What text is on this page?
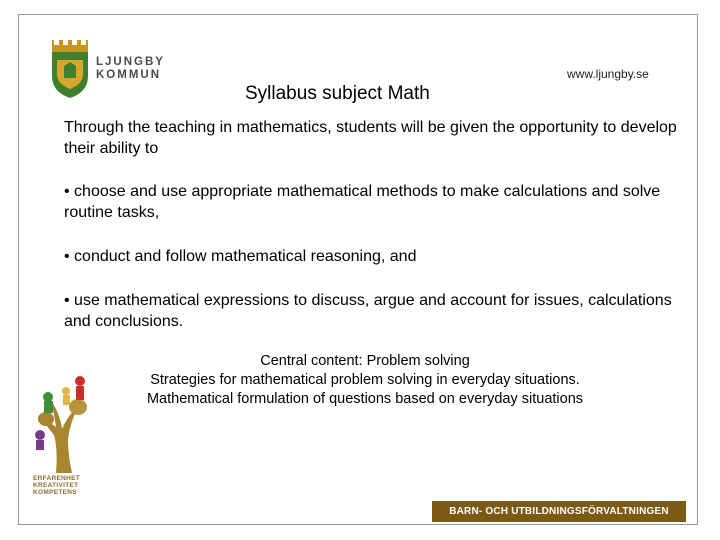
LJUNGBY
KOMMUN	www.ljungby.se
Syllabus subject Math

Through the teaching in mathematics, students will be given the opportunity to develop their ability to

• choose and use appropriate mathematical methods to make calculations and solve routine tasks,

• conduct and follow mathematical reasoning, and

• use mathematical expressions to discuss, argue and account for issues, calculations and conclusions.

Central content: Problem solving
Strategies for mathematical problem solving in everyday situations.
Mathematical formulation of questions based on everyday situations
ERFARENHET
KREATIVITET
KOMPETENS
BARN- OCH UTBILDNINGSFÖRVALTNINGEN
